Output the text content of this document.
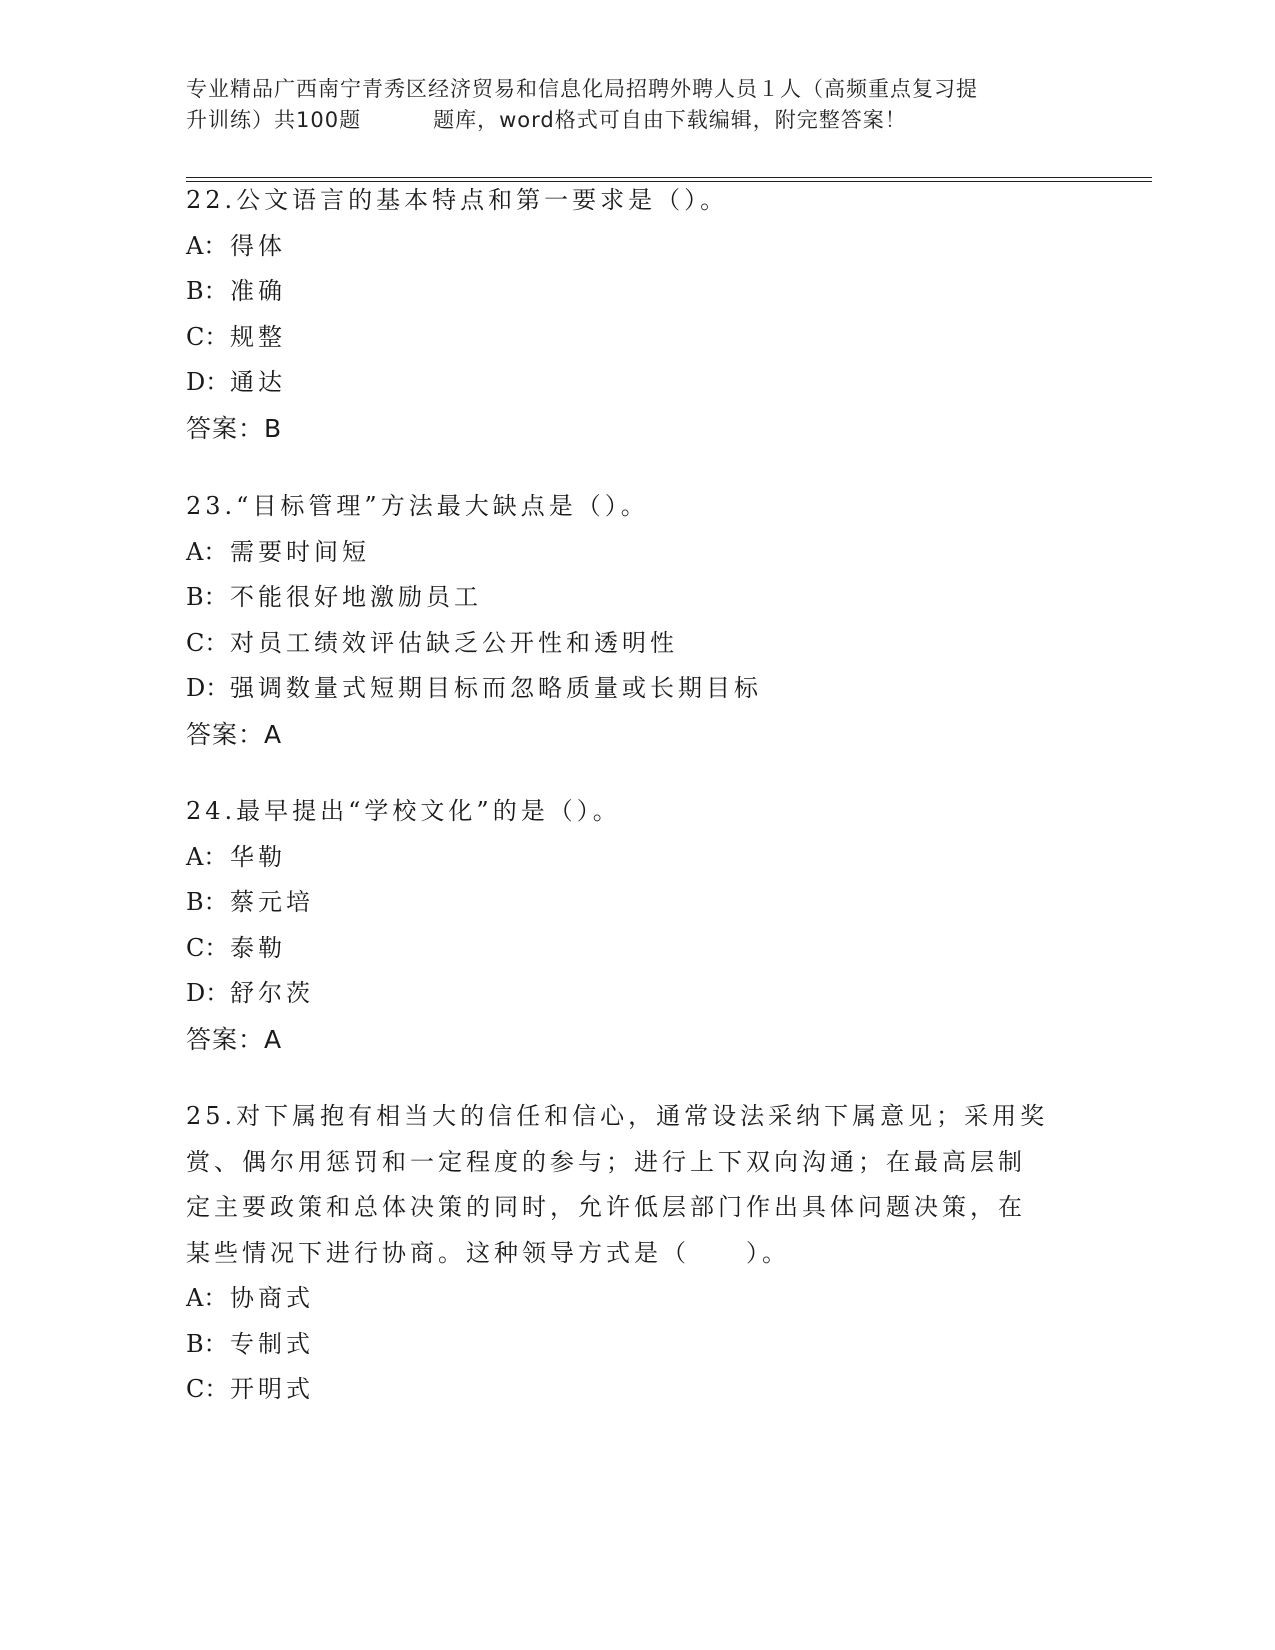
专业精品广西南宁青秀区经济贸易和信息化局招聘外聘人员１人（高频重点复习提
升训练）共100题	题库，word格式可自由下载编辑，附完整答案！

22.公文语言的基本特点和第一要求是（）。

A： 得体

B：准确

C：规整

D：通达

答案：B

23.“目标管理”方法最大缺点是（）。

A： 需要时间短

B：不能很好地激励员工

C：对员工绩效评估缺乏公开性和透明性

D：强调数量式短期目标而忽略质量或长期目标

答案：A

24.最早提出“学校文化”的是（）。

A： 华勒

B：蔡元培

C：泰勒

D：舒尔茨

答案：A

25.对下属抱有相当大的信任和信心，通常设法采纳下属意见；采用奖

赏、偶尔用惩罚和一定程度的参与；进行上下双向沟通；在最高层制

定主要政策和总体决策的同时，允许低层部门作出具体问题决策，在

某些情况下进行协商。这种领导方式是（　　）。

A： 协商式

B：专制式

C：开明式
